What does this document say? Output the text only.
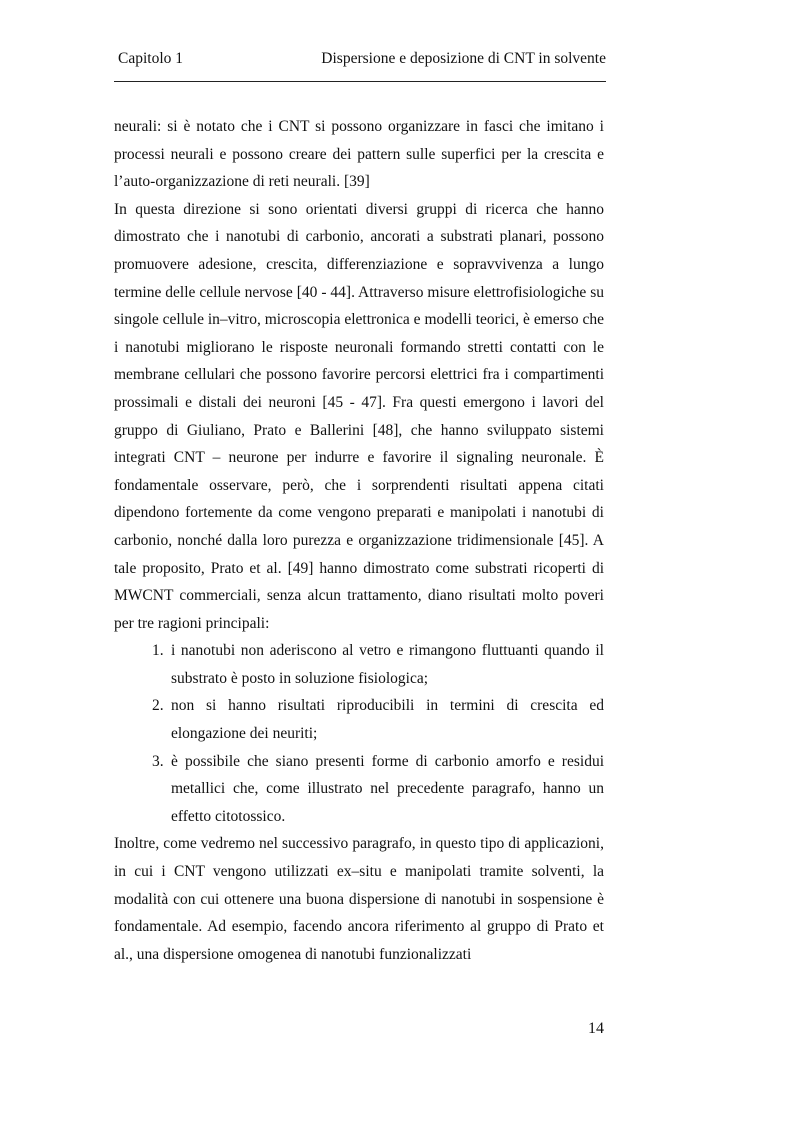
Capitolo 1	Dispersione e deposizione di CNT in solvente

neurali: si è notato che i CNT si possono organizzare in fasci che imitano i processi neurali e possono creare dei pattern sulle superfici per la crescita e l’auto-organizzazione di reti neurali. [39]

In questa direzione si sono orientati diversi gruppi di ricerca che hanno dimostrato che i nanotubi di carbonio, ancorati a substrati planari, possono promuovere adesione, crescita, differenziazione e sopravvivenza a lungo termine delle cellule nervose [40 - 44]. Attraverso misure elettrofisiologiche su singole cellule in–vitro, microscopia elettronica e modelli teorici, è emerso che i nanotubi migliorano le risposte neuronali formando stretti contatti con le membrane cellulari che possono favorire percorsi elettrici fra i compartimenti prossimali e distali dei neuroni [45 - 47]. Fra questi emergono i lavori del gruppo di Giuliano, Prato e Ballerini [48], che hanno sviluppato sistemi integrati CNT – neurone per indurre e favorire il signaling neuronale. È fondamentale osservare, però, che i sorprendenti risultati appena citati dipendono fortemente da come vengono preparati e manipolati i nanotubi di carbonio, nonché dalla loro purezza e organizzazione tridimensionale [45]. A tale proposito, Prato et al. [49] hanno dimostrato come substrati ricoperti di MWCNT commerciali, senza alcun trattamento, diano risultati molto poveri per tre ragioni principali:

1. i nanotubi non aderiscono al vetro e rimangono fluttuanti quando il substrato è posto in soluzione fisiologica;
2. non si hanno risultati riproducibili in termini di crescita ed elongazione dei neuriti;
3. è possibile che siano presenti forme di carbonio amorfo e residui metallici che, come illustrato nel precedente paragrafo, hanno un effetto citotossico.

Inoltre, come vedremo nel successivo paragrafo, in questo tipo di applicazioni, in cui i CNT vengono utilizzati ex–situ e manipolati tramite solventi, la modalità con cui ottenere una buona dispersione di nanotubi in sospensione è fondamentale. Ad esempio, facendo ancora riferimento al gruppo di Prato et al., una dispersione omogenea di nanotubi funzionalizzati

14
